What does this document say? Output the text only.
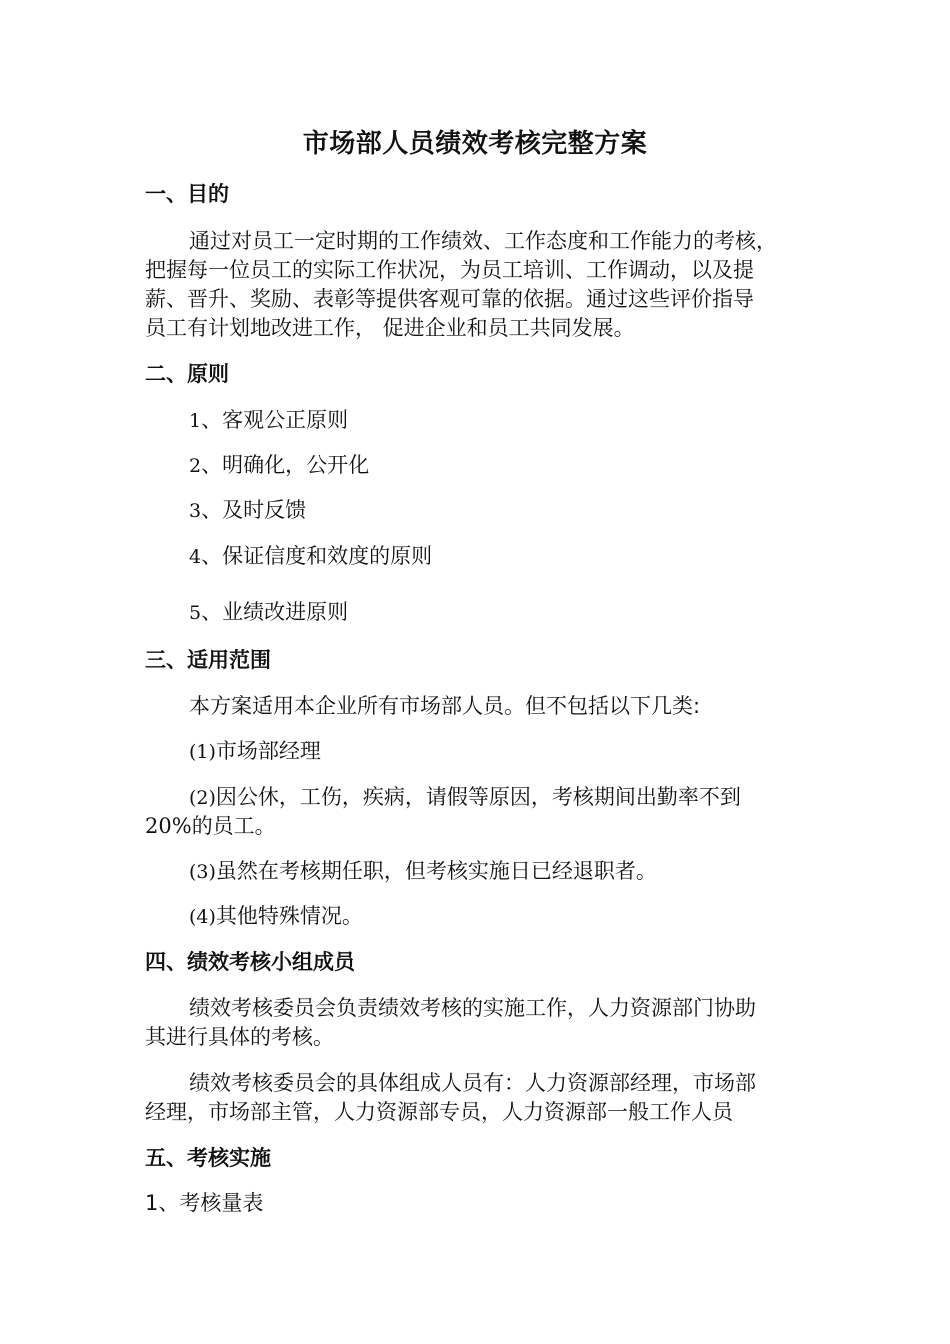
市场部人员绩效考核完整方案
一、目的
通过对员工一定时期的工作绩效、工作态度和工作能力的考核，
把握每一位员工的实际工作状况，为员工培训、工作调动，以及提
薪、晋升、奖励、表彰等提供客观可靠的依据。通过这些评价指导
员工有计划地改进工作， 促进企业和员工共同发展。
二、原则
1、客观公正原则
2、明确化，公开化
3、及时反馈
4、保证信度和效度的原则
5、业绩改进原则
三、适用范围
本方案适用本企业所有市场部人员。但不包括以下几类:
(1)市场部经理
(2)因公休，工伤，疾病，请假等原因，考核期间出勤率不到
20%的员工。
(3)虽然在考核期任职，但考核实施日已经退职者。
(4)其他特殊情况。
四、绩效考核小组成员
绩效考核委员会负责绩效考核的实施工作，人力资源部门协助
其进行具体的考核。
绩效考核委员会的具体组成人员有：人力资源部经理，市场部
经理，市场部主管，人力资源部专员，人力资源部一般工作人员
五、考核实施
1、考核量表
